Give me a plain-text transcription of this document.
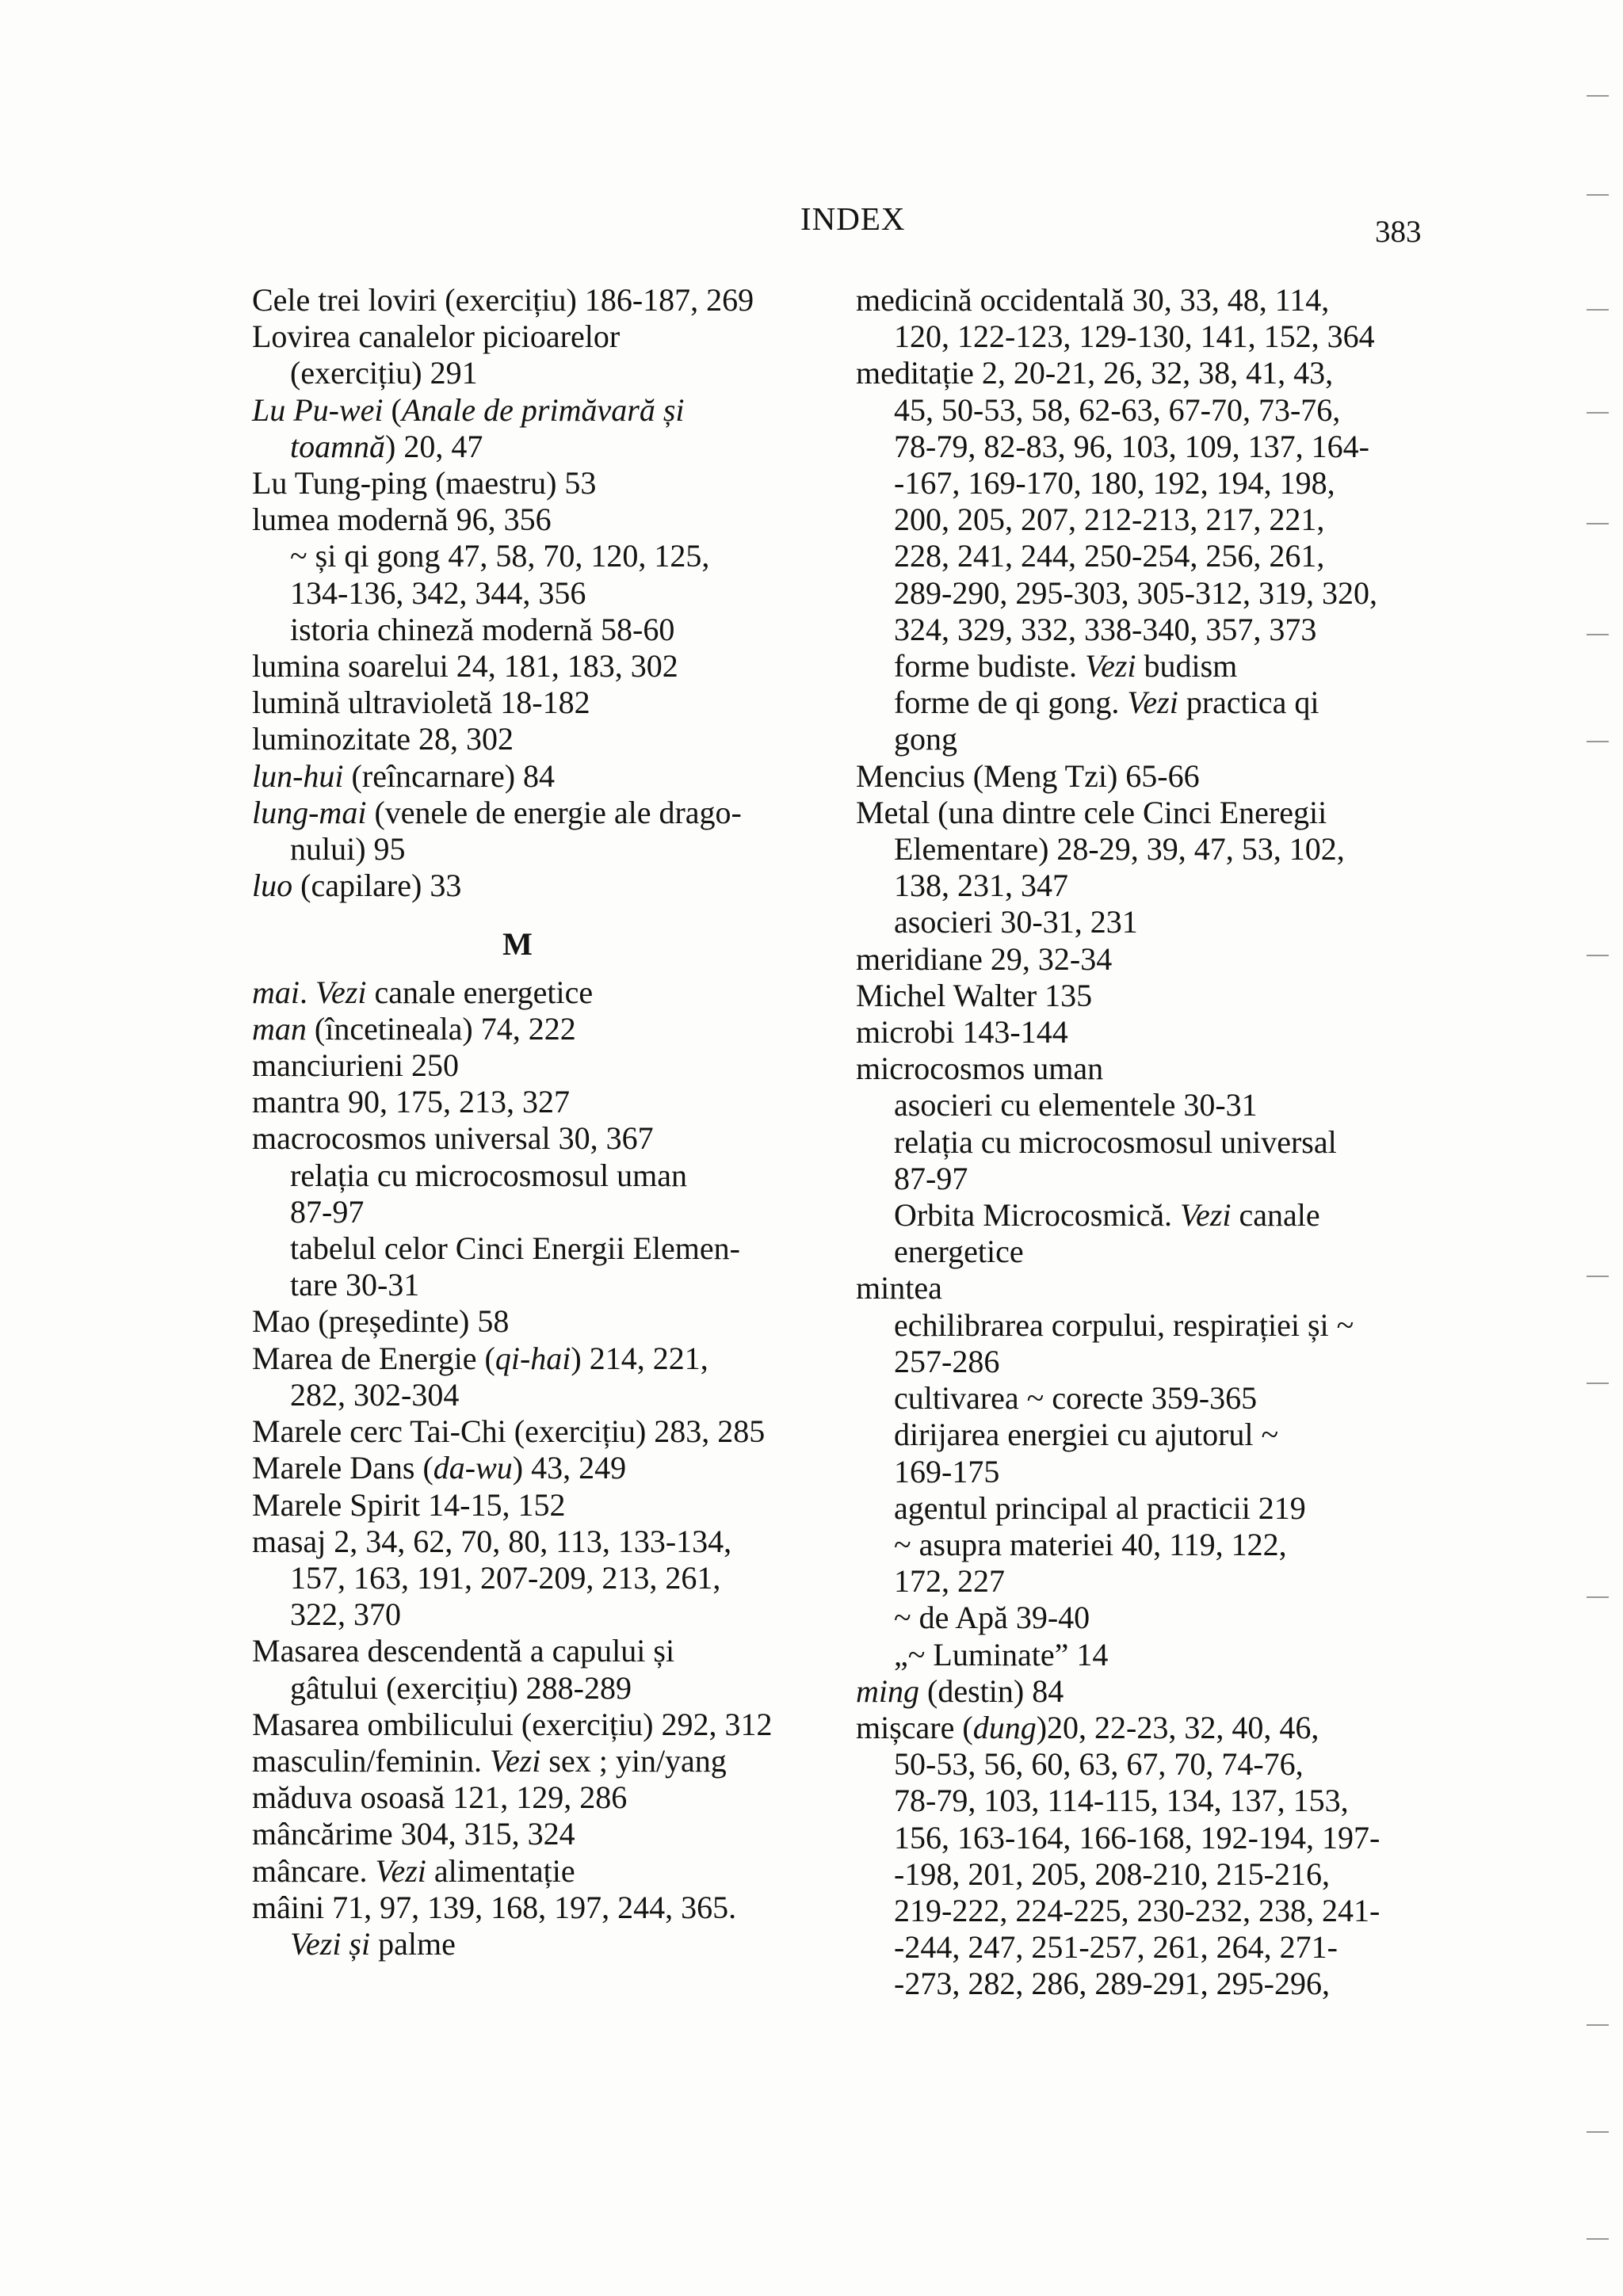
INDEX	383
Cele trei loviri (exercițiu) 186-187, 269
Lovirea canalelor picioarelor
(exercițiu) 291
Lu Pu-wei (Anale de primăvară și
toamnă) 20, 47
Lu Tung-ping (maestru) 53
lumea modernă 96, 356
~ și qi gong 47, 58, 70, 120, 125,
134-136, 342, 344, 356
istoria chineză modernă 58-60
lumina soarelui 24, 181, 183, 302
lumină ultravioletă 18-182
luminozitate 28, 302
lun-hui (reîncarnare) 84
lung-mai (venele de energie ale drago-
nului) 95
luo (capilare) 33
M
mai. Vezi canale energetice
man (încetineala) 74, 222
manciurieni 250
mantra 90, 175, 213, 327
macrocosmos universal 30, 367
relația cu microcosmosul uman
87-97
tabelul celor Cinci Energii Elemen-
tare 30-31
Mao (președinte) 58
Marea de Energie (qi-hai) 214, 221,
282, 302-304
Marele cerc Tai-Chi (exercițiu) 283, 285
Marele Dans (da-wu) 43, 249
Marele Spirit 14-15, 152
masaj 2, 34, 62, 70, 80, 113, 133-134,
157, 163, 191, 207-209, 213, 261,
322, 370
Masarea descendentă a capului și
gâtului (exercițiu) 288-289
Masarea ombilicului (exercițiu) 292, 312
masculin/feminin. Vezi sex ; yin/yang
măduva osoasă 121, 129, 286
mâncărime 304, 315, 324
mâncare. Vezi alimentație
mâini 71, 97, 139, 168, 197, 244, 365.
Vezi și palme
medicină occidentală 30, 33, 48, 114,
120, 122-123, 129-130, 141, 152, 364
meditație 2, 20-21, 26, 32, 38, 41, 43,
45, 50-53, 58, 62-63, 67-70, 73-76,
78-79, 82-83, 96, 103, 109, 137, 164-
-167, 169-170, 180, 192, 194, 198,
200, 205, 207, 212-213, 217, 221,
228, 241, 244, 250-254, 256, 261,
289-290, 295-303, 305-312, 319, 320,
324, 329, 332, 338-340, 357, 373
forme budiste. Vezi budism
forme de qi gong. Vezi practica qi
gong
Mencius (Meng Tzi) 65-66
Metal (una dintre cele Cinci Eneregii
Elementare) 28-29, 39, 47, 53, 102,
138, 231, 347
asocieri 30-31, 231
meridiane 29, 32-34
Michel Walter 135
microbi 143-144
microcosmos uman
asocieri cu elementele 30-31
relația cu microcosmosul universal
87-97
Orbita Microcosmică. Vezi canale
energetice
mintea
echilibrarea corpului, respirației și ~
257-286
cultivarea ~ corecte 359-365
dirijarea energiei cu ajutorul ~
169-175
agentul principal al practicii 219
~ asupra materiei 40, 119, 122,
172, 227
~ de Apă 39-40
„~ Luminate” 14
ming (destin) 84
mișcare (dung)20, 22-23, 32, 40, 46,
50-53, 56, 60, 63, 67, 70, 74-76,
78-79, 103, 114-115, 134, 137, 153,
156, 163-164, 166-168, 192-194, 197-
-198, 201, 205, 208-210, 215-216,
219-222, 224-225, 230-232, 238, 241-
-244, 247, 251-257, 261, 264, 271-
-273, 282, 286, 289-291, 295-296,
